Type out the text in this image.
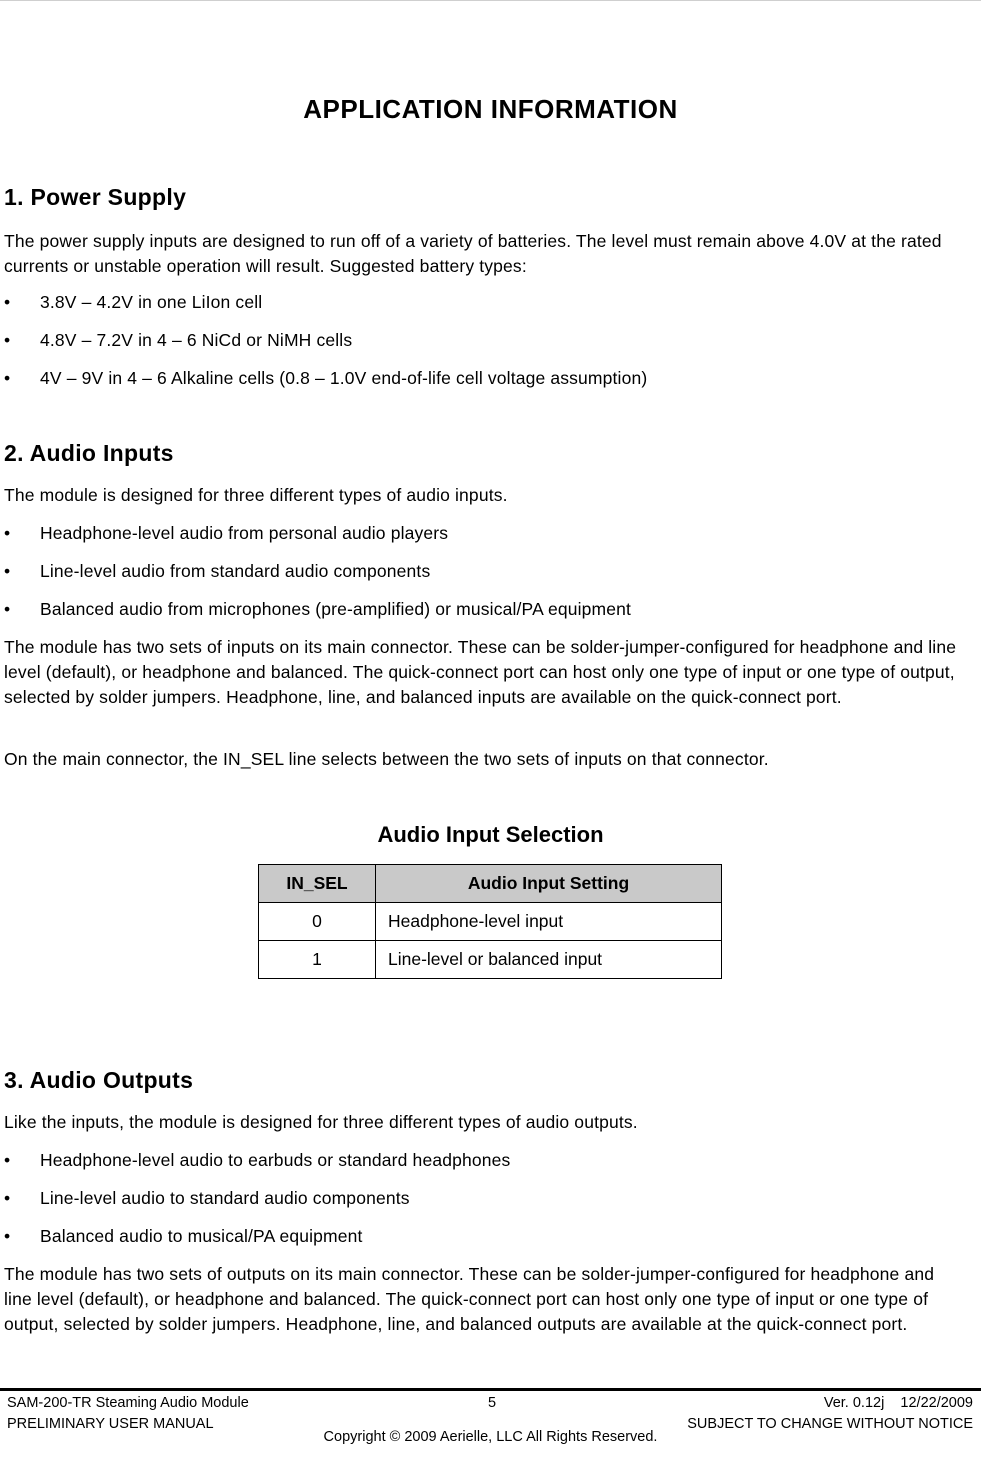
APPLICATION INFORMATION
1. Power Supply
The power supply inputs are designed to run off of a variety of batteries. The level must remain above 4.0V at the rated currents or unstable operation will result. Suggested battery types:
• 3.8V – 4.2V in one LiIon cell
• 4.8V – 7.2V in 4 – 6 NiCd or NiMH cells
• 4V – 9V in 4 – 6 Alkaline cells (0.8 – 1.0V end-of-life cell voltage assumption)
2. Audio Inputs
The module is designed for three different types of audio inputs.
• Headphone-level audio from personal audio players
• Line-level audio from standard audio components
• Balanced audio from microphones (pre-amplified) or musical/PA equipment
The module has two sets of inputs on its main connector. These can be solder-jumper-configured for headphone and line level (default), or headphone and balanced. The quick-connect port can host only one type of input or one type of output, selected by solder jumpers. Headphone, line, and balanced inputs are available on the quick-connect port.
On the main connector, the IN_SEL line selects between the two sets of inputs on that connector.
Audio Input Selection
IN_SEL	Audio Input Setting
0	Headphone-level input
1	Line-level or balanced input
3. Audio Outputs
Like the inputs, the module is designed for three different types of audio outputs.
• Headphone-level audio to earbuds or standard headphones
• Line-level audio to standard audio components
• Balanced audio to musical/PA equipment
The module has two sets of outputs on its main connector. These can be solder-jumper-configured for headphone and line level (default), or headphone and balanced. The quick-connect port can host only one type of input or one type of output, selected by solder jumpers. Headphone, line, and balanced outputs are available at the quick-connect port.
SAM-200-TR Steaming Audio Module
PRELIMINARY USER MANUAL
5	Ver. 0.12j    12/22/2009
SUBJECT TO CHANGE WITHOUT NOTICE
Copyright © 2009 Aerielle, LLC All Rights Reserved.
